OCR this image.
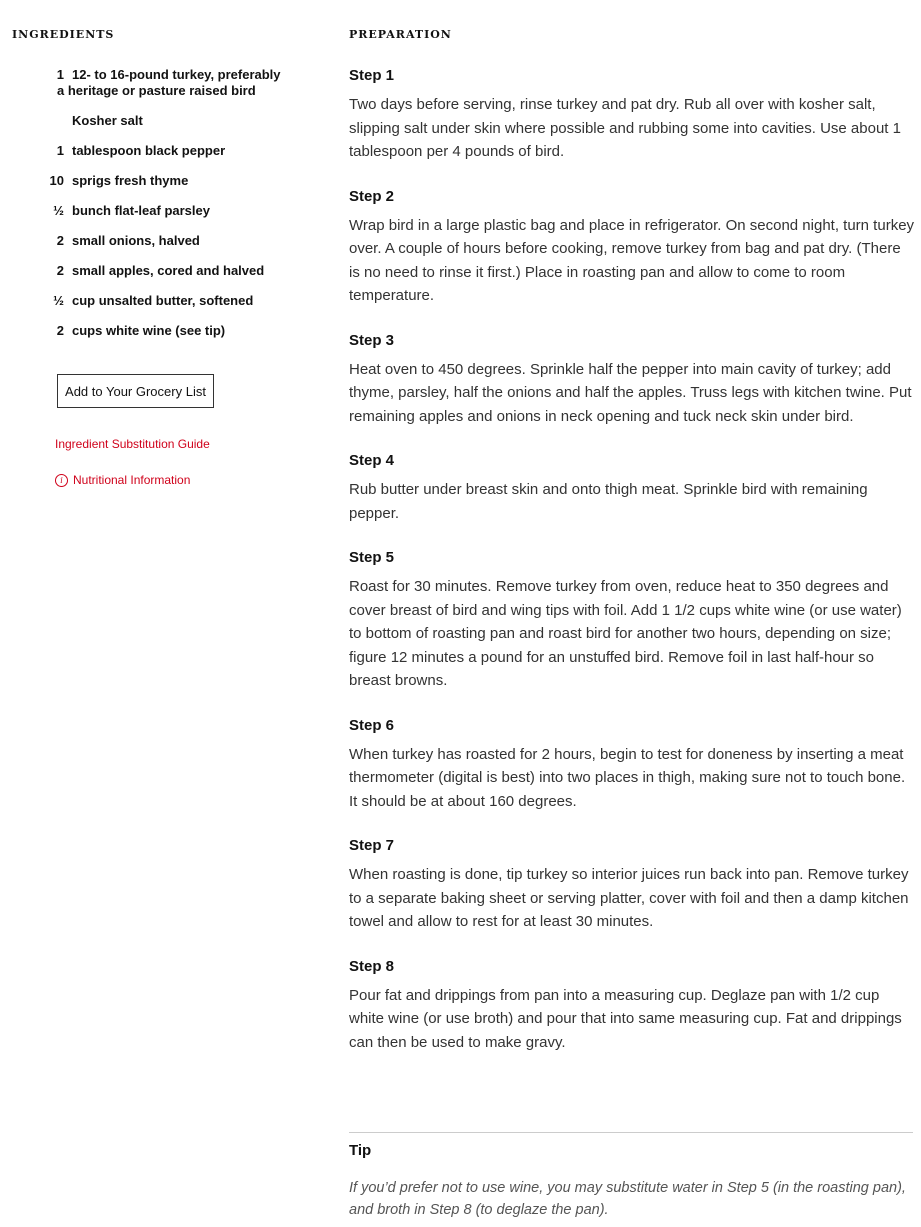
INGREDIENTS	PREPARATION
1 12- to 16-pound turkey, preferably
a heritage or pasture raised bird
Kosher salt
1 tablespoon black pepper
10 sprigs fresh thyme
½ bunch flat-leaf parsley
2 small onions, halved
2 small apples, cored and halved
½ cup unsalted butter, softened
2 cups white wine (see tip)
Add to Your Grocery List
Ingredient Substitution Guide
i Nutritional Information

Step 1

Two days before serving, rinse turkey and pat dry. Rub all over with kosher salt, slipping salt under skin where possible and rubbing some into cavities. Use about 1 tablespoon per 4 pounds of bird.

Step 2

Wrap bird in a large plastic bag and place in refrigerator. On second night, turn turkey over. A couple of hours before cooking, remove turkey from bag and pat dry. (There is no need to rinse it first.) Place in roasting pan and allow to come to room temperature.

Step 3

Heat oven to 450 degrees. Sprinkle half the pepper into main cavity of turkey; add thyme, parsley, half the onions and half the apples. Truss legs with kitchen twine. Put remaining apples and onions in neck opening and tuck neck skin under bird.

Step 4

Rub butter under breast skin and onto thigh meat. Sprinkle bird with remaining pepper.

Step 5

Roast for 30 minutes. Remove turkey from oven, reduce heat to 350 degrees and cover breast of bird and wing tips with foil. Add 1 1/2 cups white wine (or use water) to bottom of roasting pan and roast bird for another two hours, depending on size; figure 12 minutes a pound for an unstuffed bird. Remove foil in last half-hour so breast browns.

Step 6

When turkey has roasted for 2 hours, begin to test for doneness by inserting a meat thermometer (digital is best) into two places in thigh, making sure not to touch bone. It should be at about 160 degrees.

Step 7

When roasting is done, tip turkey so interior juices run back into pan. Remove turkey to a separate baking sheet or serving platter, cover with foil and then a damp kitchen towel and allow to rest for at least 30 minutes.

Step 8

Pour fat and drippings from pan into a measuring cup. Deglaze pan with 1/2 cup white wine (or use broth) and pour that into same measuring cup. Fat and drippings can then be used to make gravy.

Tip
If you’d prefer not to use wine, you may substitute water in Step 5 (in the roasting pan), and broth in Step 8 (to deglaze the pan).
